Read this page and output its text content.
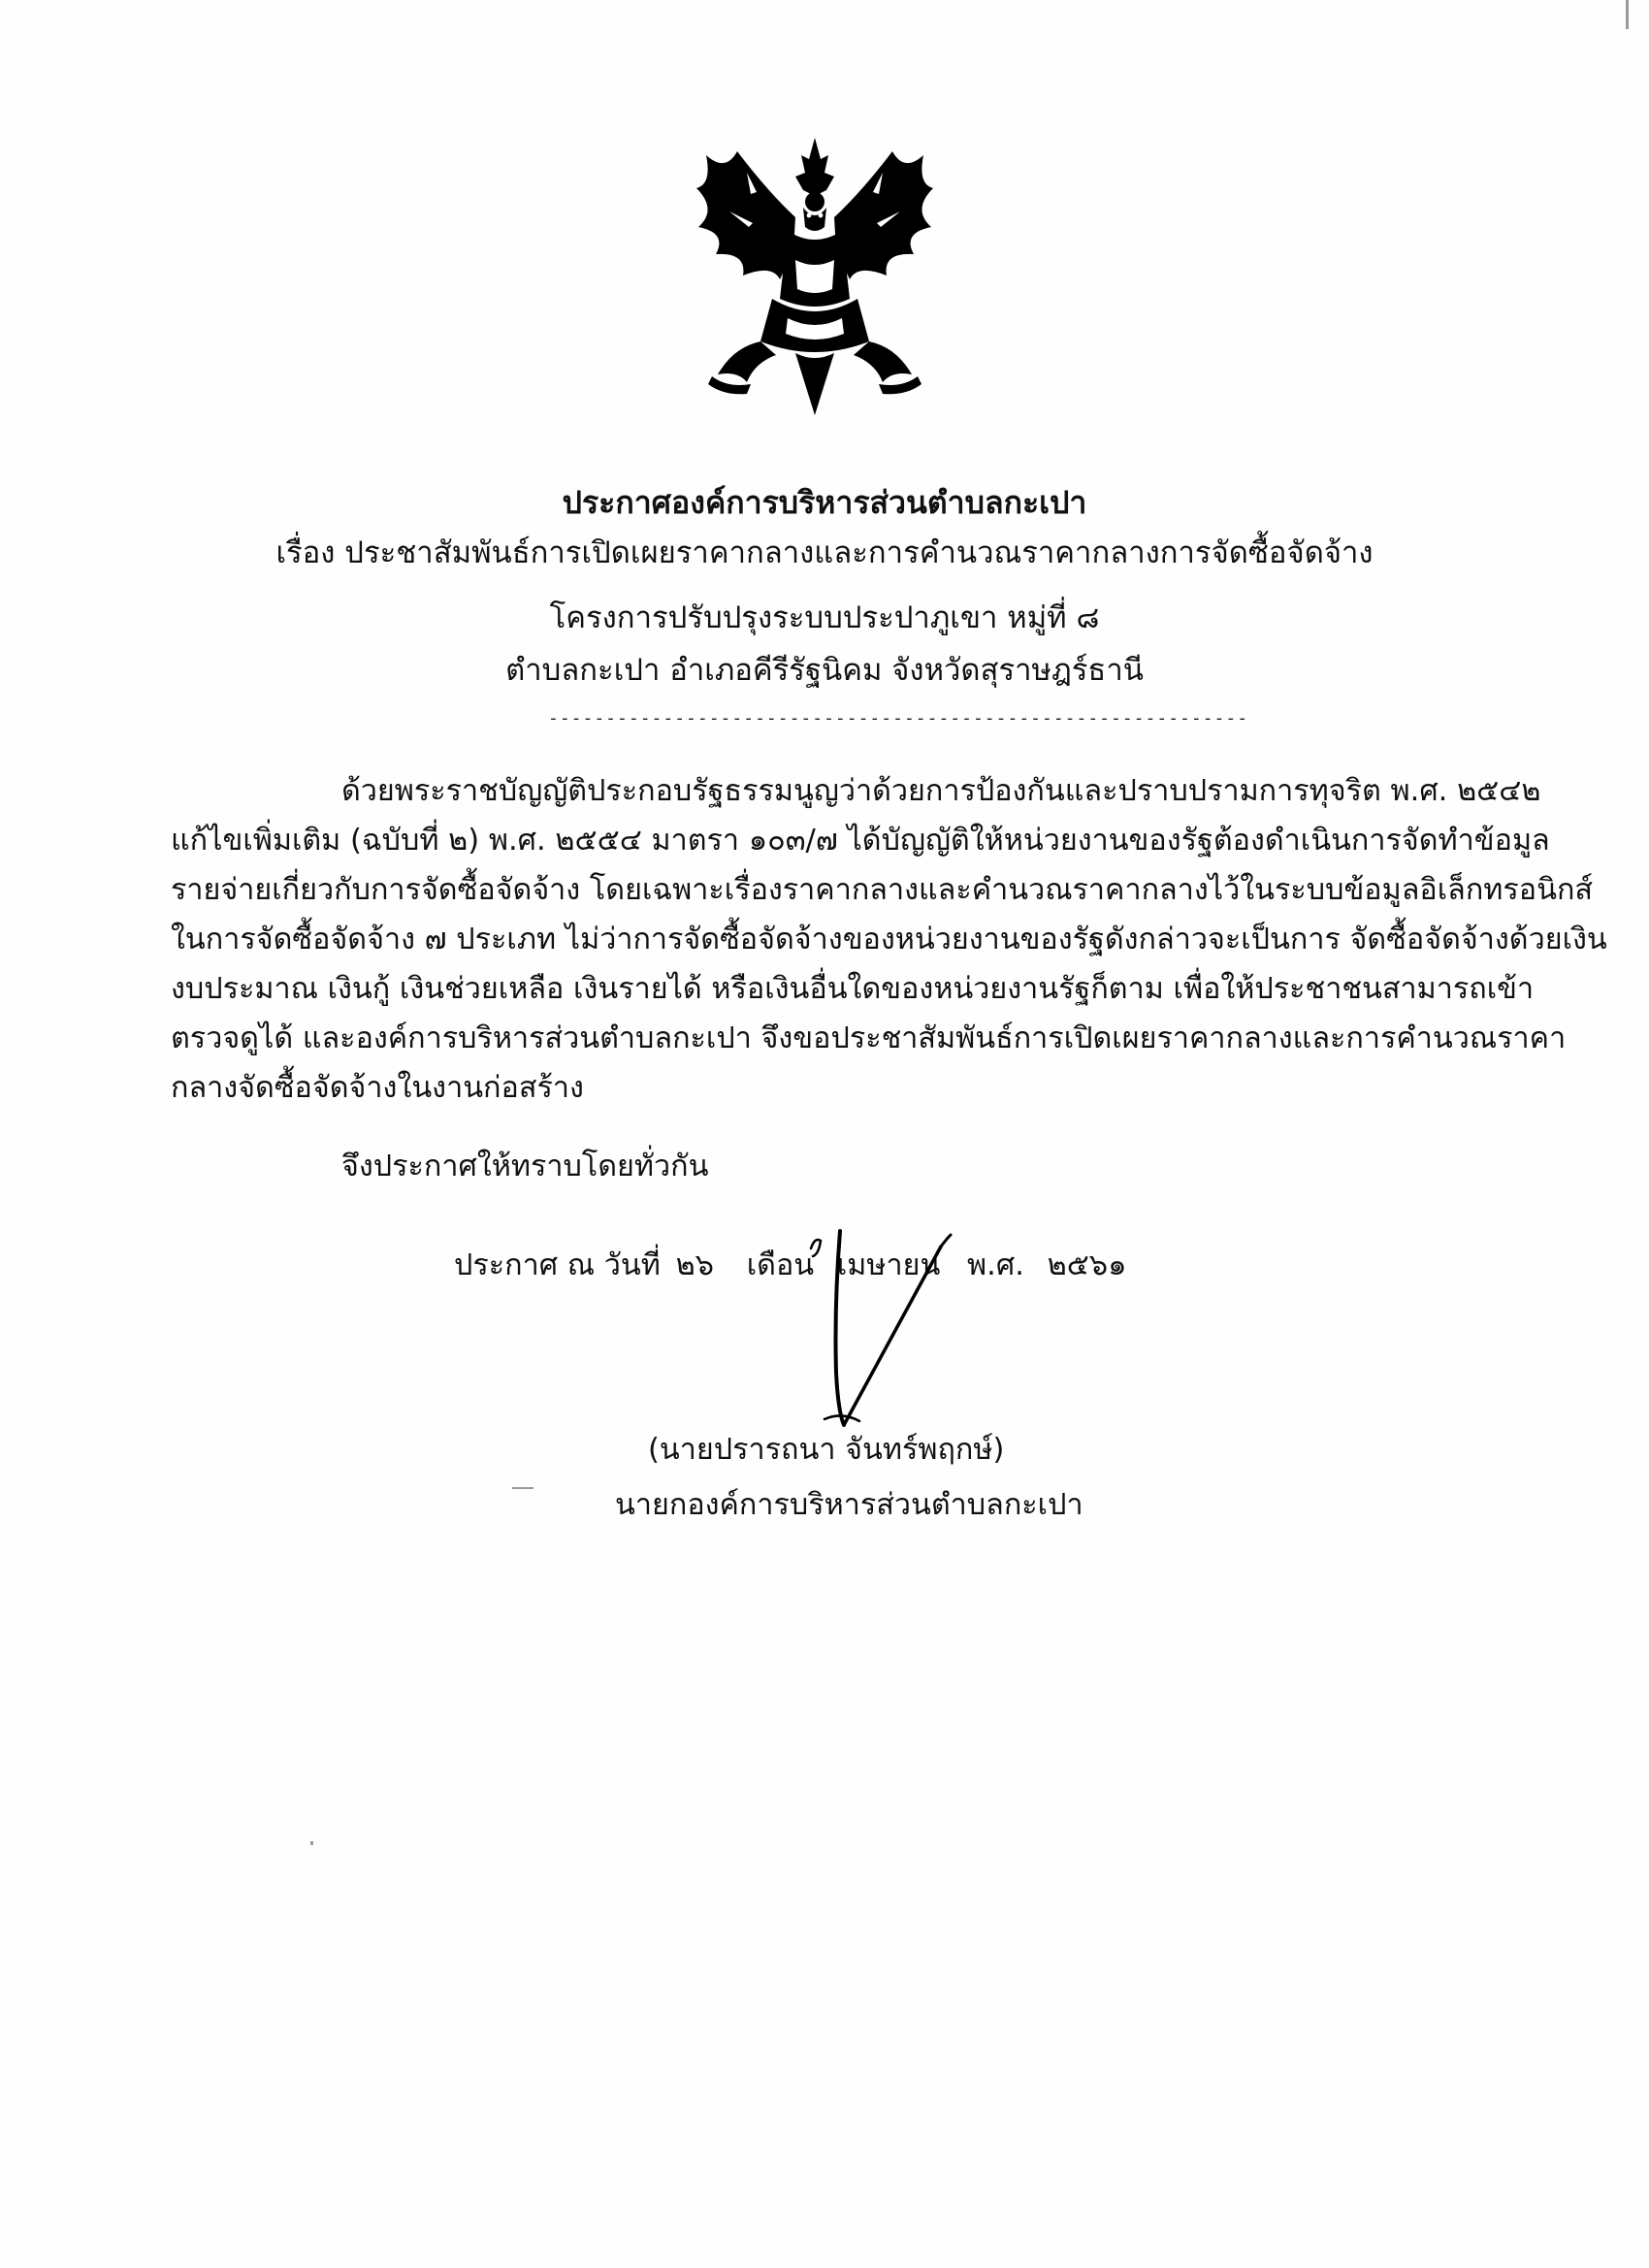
ประกาศองค์การบริหารส่วนตำบลกะเปา
เรื่อง ประชาสัมพันธ์การเปิดเผยราคากลางและการคำนวณราคากลางการจัดซื้อจัดจ้าง
โครงการปรับปรุงระบบประปาภูเขา หมู่ที่ ๘
ตำบลกะเปา อำเภอคีรีรัฐนิคม จังหวัดสุราษฎร์ธานี
-------------------------------------------------------------
ด้วยพระราชบัญญัติประกอบรัฐธรรมนูญว่าด้วยการป้องกันและปราบปรามการทุจริต พ.ศ. ๒๕๔๒
แก้ไขเพิ่มเติม (ฉบับที่ ๒) พ.ศ. ๒๕๕๔ มาตรา ๑๐๓/๗ ได้บัญญัติให้หน่วยงานของรัฐต้องดำเนินการจัดทำข้อมูล
รายจ่ายเกี่ยวกับการจัดซื้อจัดจ้าง โดยเฉพาะเรื่องราคากลางและคำนวณราคากลางไว้ในระบบข้อมูลอิเล็กทรอนิกส์
ในการจัดซื้อจัดจ้าง ๗ ประเภท ไม่ว่าการจัดซื้อจัดจ้างของหน่วยงานของรัฐดังกล่าวจะเป็นการ จัดซื้อจัดจ้างด้วยเงิน
งบประมาณ เงินกู้ เงินช่วยเหลือ เงินรายได้ หรือเงินอื่นใดของหน่วยงานรัฐก็ตาม เพื่อให้ประชาชนสามารถเข้า
ตรวจดูได้ และองค์การบริหารส่วนตำบลกะเปา จึงขอประชาสัมพันธ์การเปิดเผยราคากลางและการคำนวณราคา
กลางจัดซื้อจัดจ้างในงานก่อสร้าง
จึงประกาศให้ทราบโดยทั่วกัน
ประกาศ ณ วันที่ ๒๖ เดือน เมษายน พ.ศ. ๒๕๖๑
(นายปรารถนา จันทร์พฤกษ์)
นายกองค์การบริหารส่วนตำบลกะเปา
